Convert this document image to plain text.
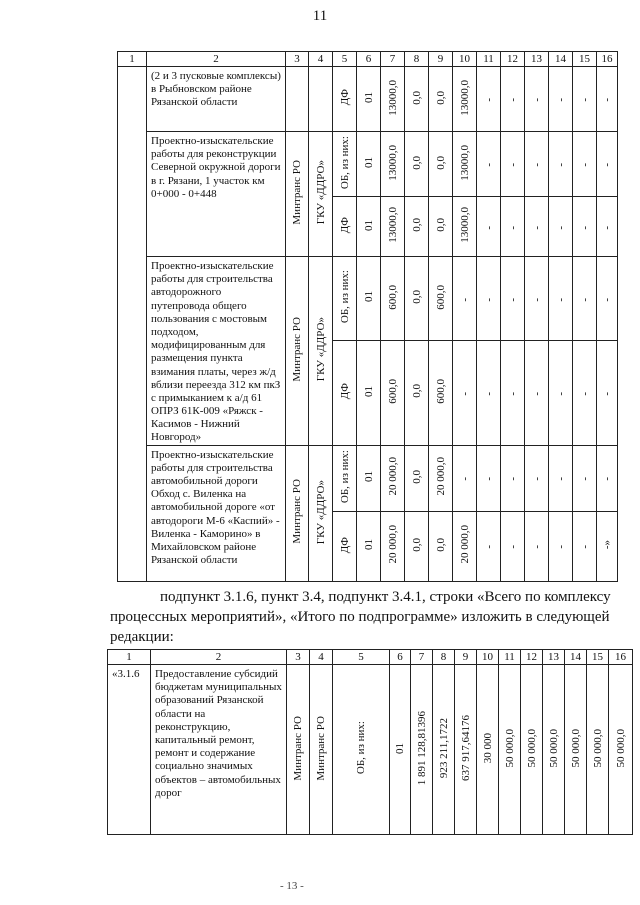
11
1	2	3	4	5	6	7	8	9	10	11	12	13	14	15	16
	(2 и 3 пусковые комплексы) в Рыбновском районе Рязанской области			ДФ	01	13000,0	0,0	0,0	13000,0	-	-	-	-	-	-
	Проектно-изыскательские работы для реконструкции Северной окружной дороги в г. Рязани, 1 участок км 0+000 - 0+448	Минтранс РО	ГКУ «ДДРО»	ОБ, из них:	01	13000,0	0,0	0,0	13000,0	-	-	-	-	-	-
				ДФ	01	13000,0	0,0	0,0	13000,0	-	-	-	-	-	-
	Проектно-изыскательские работы для строительства автодорожного путепровода общего пользования с мостовым подходом, модифицированным для размещения пункта взимания платы, через ж/д вблизи переезда 312 км пкЗ с примыканием к а/д 61 ОПРЗ 61К-009 «Ряжск - Касимов - Нижний Новгород»	Минтранс РО	ГКУ «ДДРО»	ОБ, из них:	01	600,0	0,0	600,0	-	-	-	-	-	-	-
				ДФ	01	600,0	0,0	600,0	-	-	-	-	-	-	-
	Проектно-изыскательские работы для строительства автомобильной дороги Обход с. Виленка на автомобильной дороге «от автодороги М-6 «Каспий» - Виленка - Каморино» в Михайловском районе Рязанской области	Минтранс РО	ГКУ «ДДРО»	ОБ, из них:	01	20 000,0	0,0	20 000,0	-	-	-	-	-	-	-
				ДФ	01	20 000,0	0,0	0,0	20 000,0	-	-	-	-	-	-»
подпункт 3.1.6, пункт 3.4, подпункт 3.4.1, строки «Всего по комплексу
процессных мероприятий», «Итого по подпрограмме» изложить в следующей
редакции:
1	2	3	4	5	6	7	8	9	10	11	12	13	14	15	16
«3.1.6	Предоставление субсидий бюджетам муниципальных образований Рязанской области на реконструкцию, капитальный ремонт, ремонт и содержание социально значимых объектов – автомобильных дорог	Минтранс РО	Минтранс РО	ОБ, из них:	01	1 891 128,81396	923 211,1722	637 917,64176	30 000	50 000,0	50 000,0	50 000,0	50 000,0	50 000,0	50 000,0
- 13 -
